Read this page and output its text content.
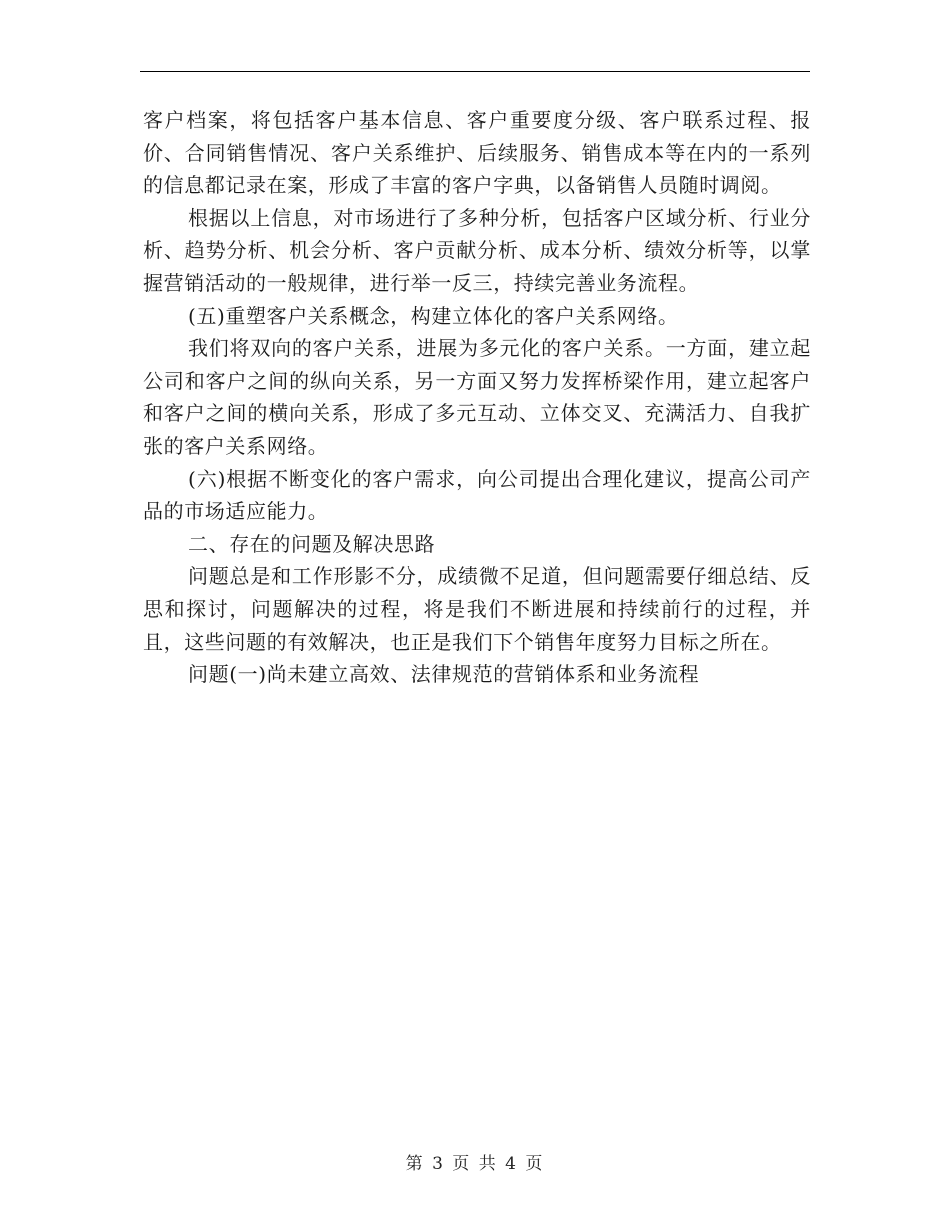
客户档案，将包括客户基本信息、客户重要度分级、客户联系过程、报价、合同销售情况、客户关系维护、后续服务、销售成本等在内的一系列的信息都记录在案，形成了丰富的客户字典，以备销售人员随时调阅。

根据以上信息，对市场进行了多种分析，包括客户区域分析、行业分析、趋势分析、机会分析、客户贡献分析、成本分析、绩效分析等，以掌握营销活动的一般规律，进行举一反三，持续完善业务流程。

(五)重塑客户关系概念，构建立体化的客户关系网络。

我们将双向的客户关系，进展为多元化的客户关系。一方面，建立起公司和客户之间的纵向关系，另一方面又努力发挥桥梁作用，建立起客户和客户之间的横向关系，形成了多元互动、立体交叉、充满活力、自我扩张的客户关系网络。

(六)根据不断变化的客户需求，向公司提出合理化建议，提高公司产品的市场适应能力。

二、存在的问题及解决思路

问题总是和工作形影不分，成绩微不足道，但问题需要仔细总结、反思和探讨，问题解决的过程，将是我们不断进展和持续前行的过程，并且，这些问题的有效解决，也正是我们下个销售年度努力目标之所在。

问题(一)尚未建立高效、法律规范的营销体系和业务流程

第 3 页 共 4 页
